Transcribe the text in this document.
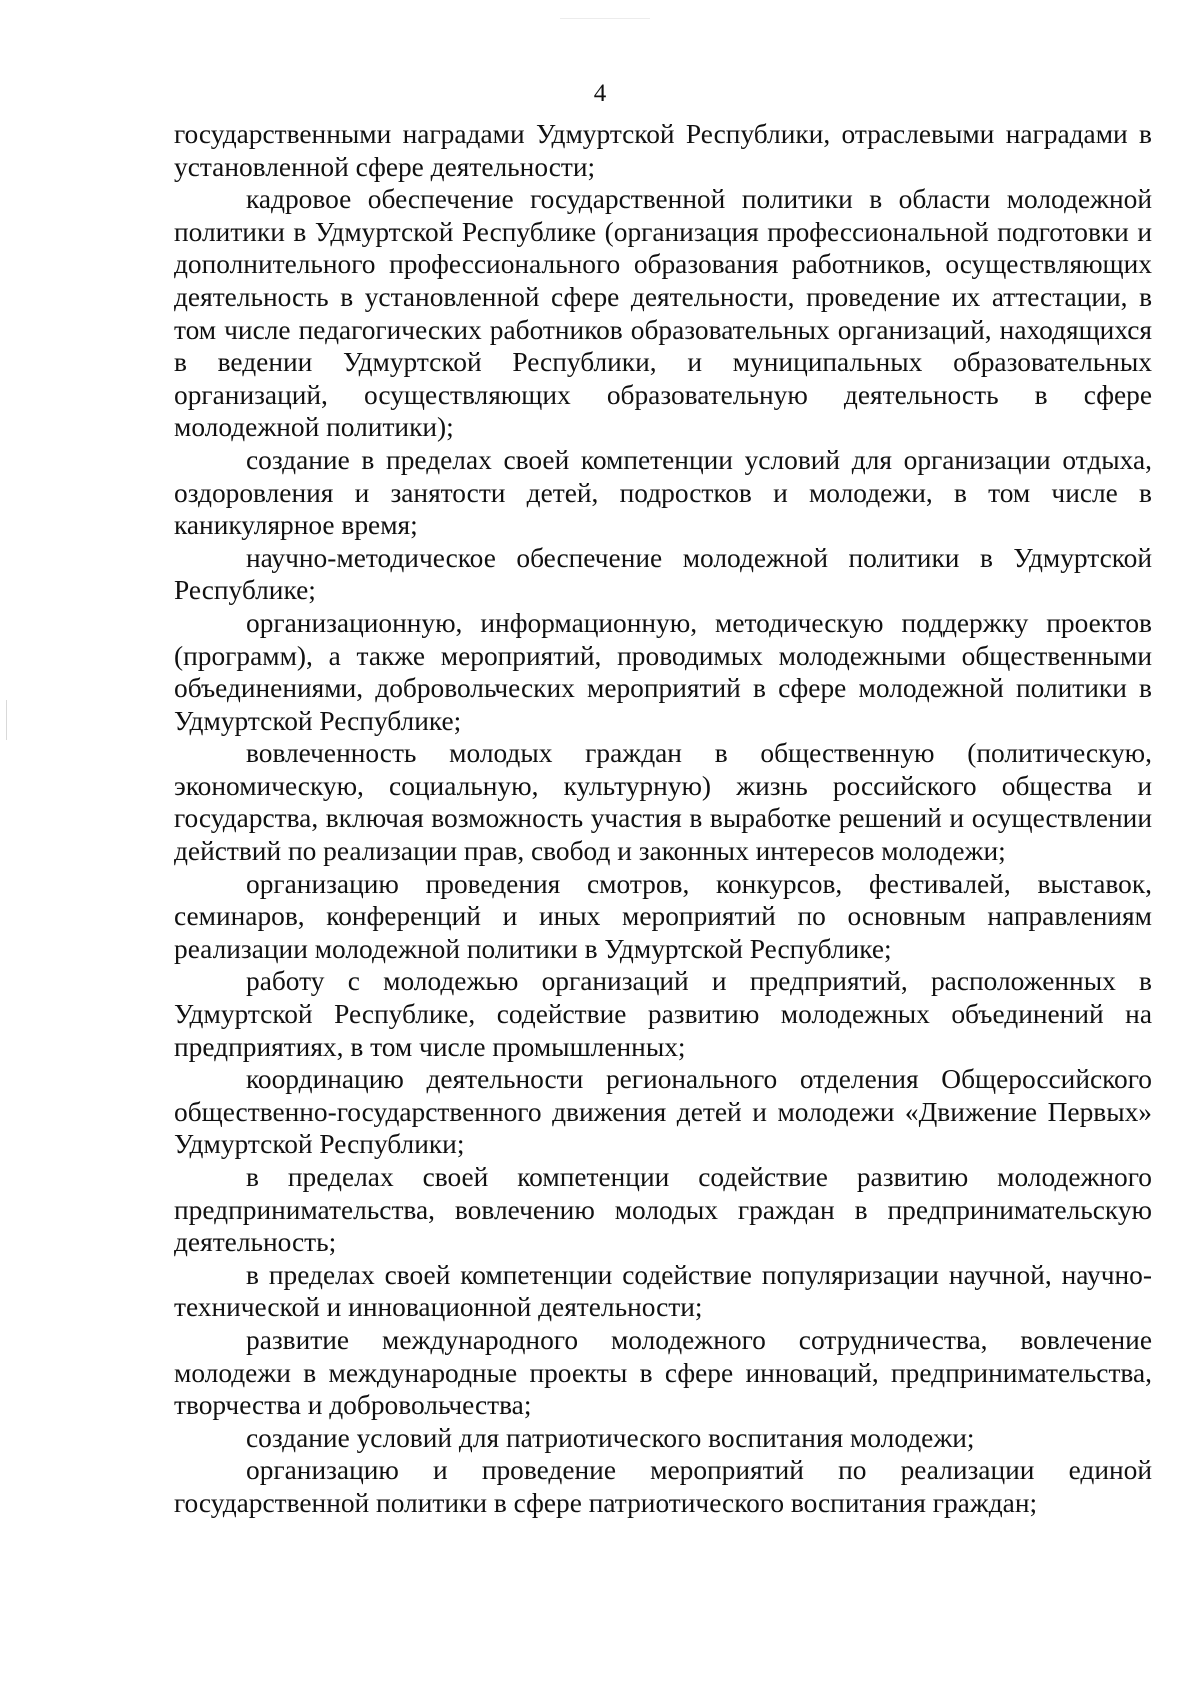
4

государственными наградами Удмуртской Республики, отраслевыми наградами в установленной сфере деятельности;

кадровое обеспечение государственной политики в области молодежной политики в Удмуртской Республике (организация профессиональной подготовки и дополнительного профессионального образования работников, осуществляющих деятельность в установленной сфере деятельности, проведение их аттестации, в том числе педагогических работников образовательных организаций, находящихся в ведении Удмуртской Республики, и муниципальных образовательных организаций, осуществляющих образовательную деятельность в сфере молодежной политики);

создание в пределах своей компетенции условий для организации отдыха, оздоровления и занятости детей, подростков и молодежи, в том числе в каникулярное время;

научно-методическое обеспечение молодежной политики в Удмуртской Республике;

организационную, информационную, методическую поддержку проектов (программ), а также мероприятий, проводимых молодежными общественными объединениями, добровольческих мероприятий в сфере молодежной политики в Удмуртской Республике;

вовлеченность молодых граждан в общественную (политическую, экономическую, социальную, культурную) жизнь российского общества и государства, включая возможность участия в выработке решений и осуществлении действий по реализации прав, свобод и законных интересов молодежи;

организацию проведения смотров, конкурсов, фестивалей, выставок, семинаров, конференций и иных мероприятий по основным направлениям реализации молодежной политики в Удмуртской Республике;

работу с молодежью организаций и предприятий, расположенных в Удмуртской Республике, содействие развитию молодежных объединений на предприятиях, в том числе промышленных;

координацию деятельности регионального отделения Общероссийского общественно-государственного движения детей и молодежи «Движение Первых» Удмуртской Республики;

в пределах своей компетенции содействие развитию молодежного предпринимательства, вовлечению молодых граждан в предпринимательскую деятельность;

в пределах своей компетенции содействие популяризации научной, научно-технической и инновационной деятельности;

развитие международного молодежного сотрудничества, вовлечение молодежи в международные проекты в сфере инноваций, предпринимательства, творчества и добровольчества;

создание условий для патриотического воспитания молодежи;

организацию и проведение мероприятий по реализации единой государственной политики в сфере патриотического воспитания граждан;
